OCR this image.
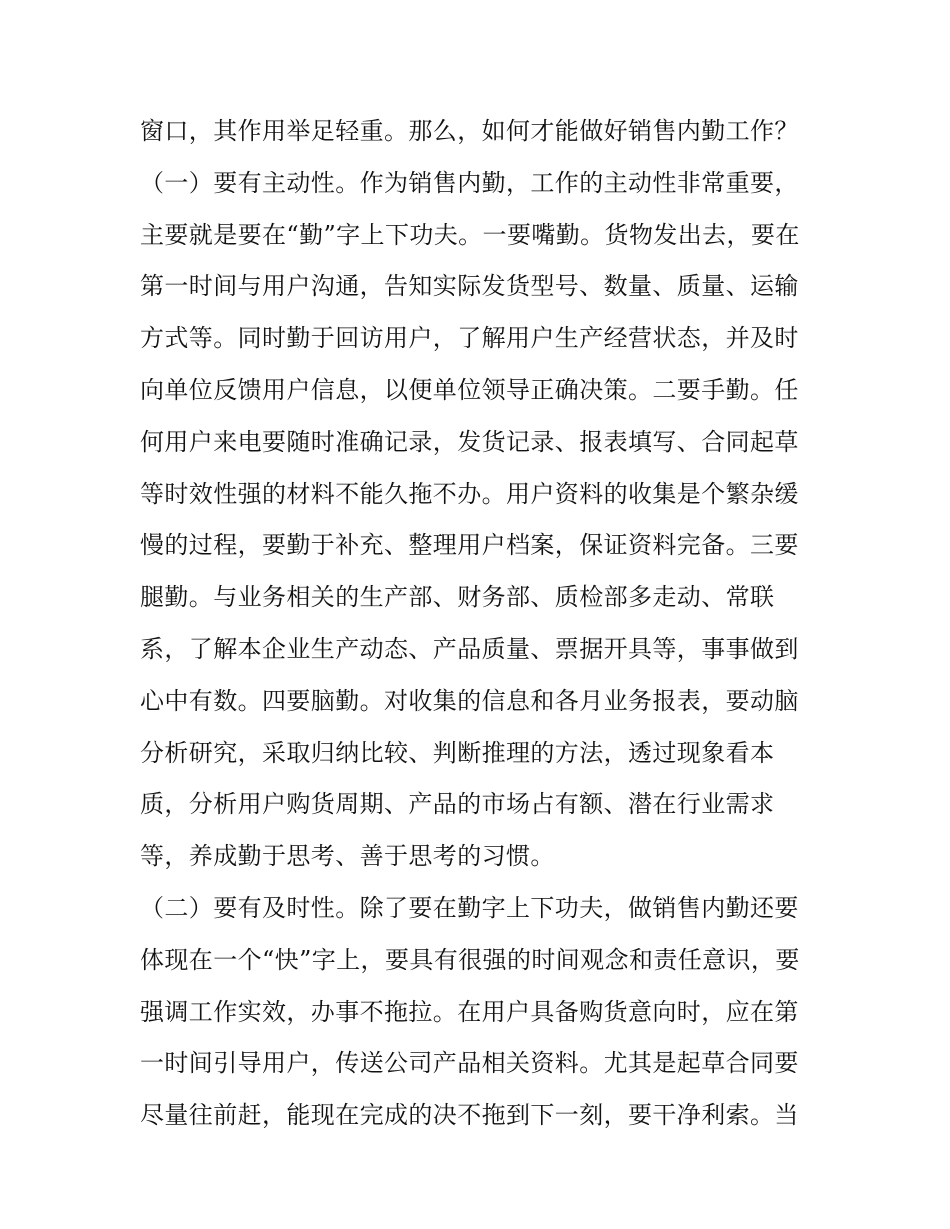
窗口，其作用举足轻重。那么，如何才能做好销售内勤工作？
（一）要有主动性。作为销售内勤，工作的主动性非常重要，
主要就是要在“勤”字上下功夫。一要嘴勤。货物发出去，要在
第一时间与用户沟通，告知实际发货型号、数量、质量、运输
方式等。同时勤于回访用户，了解用户生产经营状态，并及时
向单位反馈用户信息，以便单位领导正确决策。二要手勤。任
何用户来电要随时准确记录，发货记录、报表填写、合同起草
等时效性强的材料不能久拖不办。用户资料的收集是个繁杂缓
慢的过程，要勤于补充、整理用户档案，保证资料完备。三要
腿勤。与业务相关的生产部、财务部、质检部多走动、常联
系，了解本企业生产动态、产品质量、票据开具等，事事做到
心中有数。四要脑勤。对收集的信息和各月业务报表，要动脑
分析研究，采取归纳比较、判断推理的方法，透过现象看本
质，分析用户购货周期、产品的市场占有额、潜在行业需求
等，养成勤于思考、善于思考的习惯。
（二）要有及时性。除了要在勤字上下功夫，做销售内勤还要
体现在一个“快”字上，要具有很强的时间观念和责任意识，要
强调工作实效，办事不拖拉。在用户具备购货意向时，应在第
一时间引导用户，传送公司产品相关资料。尤其是起草合同要
尽量往前赶，能现在完成的决不拖到下一刻，要干净利索。当
